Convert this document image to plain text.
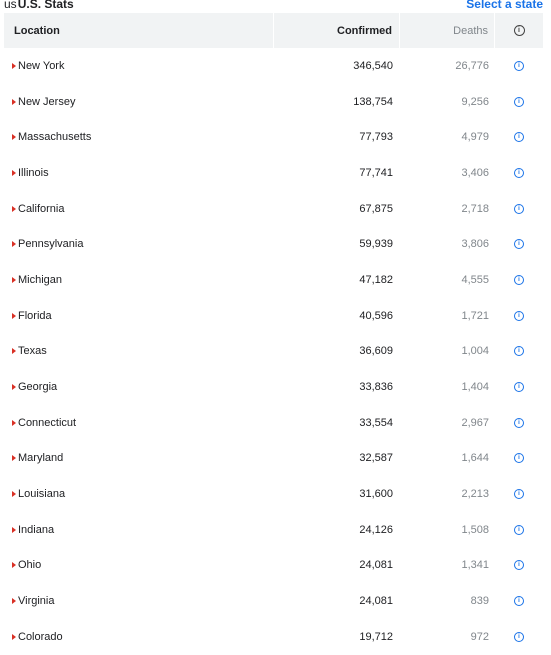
usU.S. Stats	Select a state
Location	Confirmed	Deaths	i
New York	346,540	26,776	i
New Jersey	138,754	9,256	i
Massachusetts	77,793	4,979	i
Illinois	77,741	3,406	i
California	67,875	2,718	i
Pennsylvania	59,939	3,806	i
Michigan	47,182	4,555	i
Florida	40,596	1,721	i
Texas	36,609	1,004	i
Georgia	33,836	1,404	i
Connecticut	33,554	2,967	i
Maryland	32,587	1,644	i
Louisiana	31,600	2,213	i
Indiana	24,126	1,508	i
Ohio	24,081	1,341	i
Virginia	24,081	839	i
Colorado	19,712	972	i
